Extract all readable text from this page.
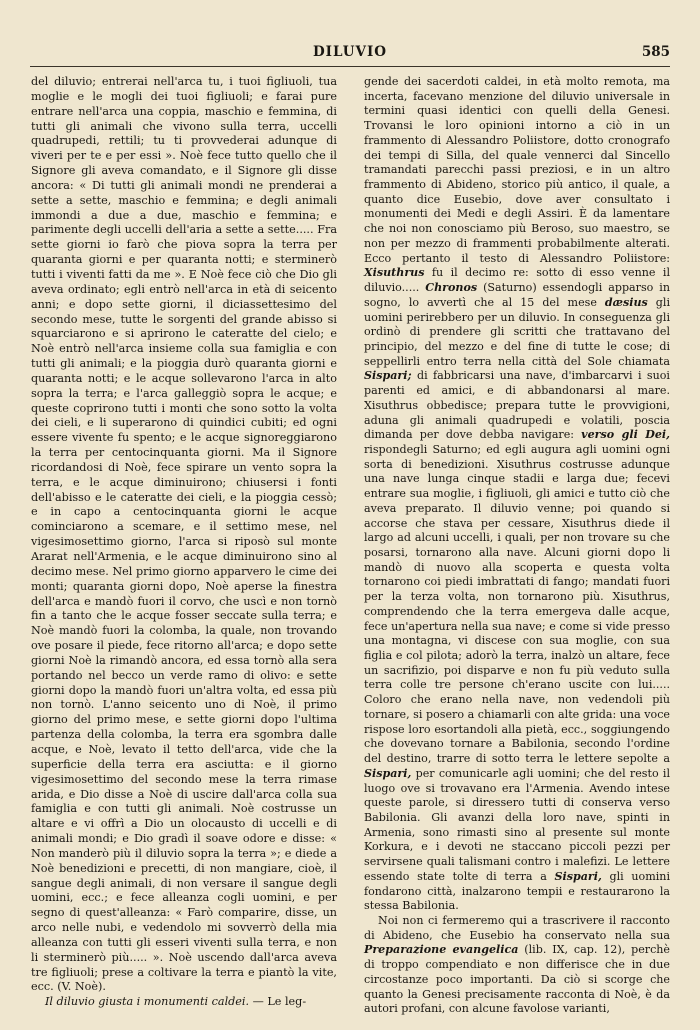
DILUVIO	585

del diluvio; entrerai nell'arca tu, i tuoi figliuoli, tua moglie e le mogli dei tuoi figliuoli; e farai pure entrare nell'arca una coppia, maschio e femmina, di tutti gli animali che vivono sulla terra, uccelli quadrupedi, rettili; tu ti provvederai adunque di viveri per te e per essi ». Noè fece tutto quello che il Signore gli aveva comandato, e il Signore gli disse ancora: « Di tutti gli animali mondi ne prenderai a sette a sette, maschio e femmina; e degli animali immondi a due a due, maschio e femmina; e parimente degli uccelli dell'aria a sette a sette..... Fra sette giorni io farò che piova sopra la terra per quaranta giorni e per quaranta notti; e sterminerò tutti i viventi fatti da me ». E Noè fece ciò che Dio gli aveva ordinato; egli entrò nell'arca in età di seicento anni; e dopo sette giorni, il diciassettesimo del secondo mese, tutte le sorgenti del grande abisso si squarciarono e si aprirono le cateratte del cielo; e Noè entrò nell'arca insieme colla sua famiglia e con tutti gli animali; e la pioggia durò quaranta giorni e quaranta notti; e le acque sollevarono l'arca in alto sopra la terra; e l'arca galleggiò sopra le acque; e queste coprirono tutti i monti che sono sotto la volta dei cieli, e li superarono di quindici cubiti; ed ogni essere vivente fu spento; e le acque signoreggiarono la terra per centocinquanta giorni. Ma il Signore ricordandosi di Noè, fece spirare un vento sopra la terra, e le acque diminuirono; chiusersi i fonti dell'abisso e le cateratte dei cieli, e la pioggia cessò; e in capo a centocinquanta giorni le acque cominciarono a scemare, e il settimo mese, nel vigesimosettimo giorno, l'arca si riposò sul monte Ararat nell'Armenia, e le acque diminuirono sino al decimo mese. Nel primo giorno apparvero le cime dei monti; quaranta giorni dopo, Noè aperse la finestra dell'arca e mandò fuori il corvo, che uscì e non tornò fin a tanto che le acque fosser seccate sulla terra; e Noè mandò fuori la colomba, la quale, non trovando ove posare il piede, fece ritorno all'arca; e dopo sette giorni Noè la rimandò ancora, ed essa tornò alla sera portando nel becco un verde ramo di olivo: e sette giorni dopo la mandò fuori un'altra volta, ed essa più non tornò. L'anno seicento uno di Noè, il primo giorno del primo mese, e sette giorni dopo l'ultima partenza della colomba, la terra era sgombra dalle acque, e Noè, levato il tetto dell'arca, vide che la superficie della terra era asciutta: e il giorno vigesimosettimo del secondo mese la terra rimase arida, e Dio disse a Noè di uscire dall'arca colla sua famiglia e con tutti gli animali. Noè costrusse un altare e vi offrì a Dio un olocausto di uccelli e di animali mondi; e Dio gradì il soave odore e disse: « Non manderò più il diluvio sopra la terra »; e diede a Noè benedizioni e precetti, di non mangiare, cioè, il sangue degli animali, di non versare il sangue degli uomini, ecc.; e fece alleanza cogli uomini, e per segno di quest'alleanza: « Farò comparire, disse, un arco nelle nubi, e vedendolo mi sovverrò della mia alleanza con tutti gli esseri viventi sulla terra, e non li sterminerò più..... ». Noè uscendo dall'arca aveva tre figliuoli; prese a coltivare la terra e piantò la vite, ecc. (V. Noè).

Il diluvio giusta i monumenti caldei. — Le leg-

gende dei sacerdoti caldei, in età molto remota, ma incerta, facevano menzione del diluvio universale in termini quasi identici con quelli della Genesi. Trovansi le loro opinioni intorno a ciò in un frammento di Alessandro Poliistore, dotto cronografo dei tempi di Silla, del quale vennerci dal Sincello tramandati parecchi passi preziosi, e in un altro frammento di Abideno, storico più antico, il quale, a quanto dice Eusebio, dove aver consultato i monumenti dei Medi e degli Assiri. È da lamentare che noi non conosciamo più Beroso, suo maestro, se non per mezzo di frammenti probabilmente alterati. Ecco pertanto il testo di Alessandro Poliistore: Xisuthrus fu il decimo re: sotto di esso venne il diluvio..... Chronos (Saturno) essendogli apparso in sogno, lo avvertì che al 15 del mese dæsius gli uomini perirebbero per un diluvio. In conseguenza gli ordinò di prendere gli scritti che trattavano del principio, del mezzo e del fine di tutte le cose; di seppellirli entro terra nella città del Sole chiamata Sispari; di fabbricarsi una nave, d'imbarcarvi i suoi parenti ed amici, e di abbandonarsi al mare. Xisuthrus obbedisce; prepara tutte le provvigioni, aduna gli animali quadrupedi e volatili, poscia dimanda per dove debba navigare: verso gli Dei, rispondegli Saturno; ed egli augura agli uomini ogni sorta di benedizioni. Xisuthrus costrusse adunque una nave lunga cinque stadii e larga due; fecevi entrare sua moglie, i figliuoli, gli amici e tutto ciò che aveva preparato. Il diluvio venne; poi quando si accorse che stava per cessare, Xisuthrus diede il largo ad alcuni uccelli, i quali, per non trovare su che posarsi, tornarono alla nave. Alcuni giorni dopo li mandò di nuovo alla scoperta e questa volta tornarono coi piedi imbrattati di fango; mandati fuori per la terza volta, non tornarono più. Xisuthrus, comprendendo che la terra emergeva dalle acque, fece un'apertura nella sua nave; e come si vide presso una montagna, vi discese con sua moglie, con sua figlia e col pilota; adorò la terra, inalzò un altare, fece un sacrifizio, poi disparve e non fu più veduto sulla terra colle tre persone ch'erano uscite con lui..... Coloro che erano nella nave, non vedendoli più tornare, si posero a chiamarli con alte grida: una voce rispose loro esortandoli alla pietà, ecc., soggiungendo che dovevano tornare a Babilonia, secondo l'ordine del destino, trarre di sotto terra le lettere sepolte a Sispari, per comunicarle agli uomini; che del resto il luogo ove si trovavano era l'Armenia. Avendo intese queste parole, si diressero tutti di conserva verso Babilonia. Gli avanzi della loro nave, spinti in Armenia, sono rimasti sino al presente sul monte Korkura, e i devoti ne staccano piccoli pezzi per servirsene quali talismani contro i malefizi. Le lettere essendo state tolte di terra a Sispari, gli uomini fondarono città, inalzarono tempii e restaurarono la stessa Babilonia.

Noi non ci fermeremo qui a trascrivere il racconto di Abideno, che Eusebio ha conservato nella sua Preparazione evangelica (lib. IX, cap. 12), perchè di troppo compendiato e non differisce che in due circostanze poco importanti. Da ciò si scorge che quanto la Genesi precisamente racconta di Noè, è da autori profani, con alcune favolose varianti,
